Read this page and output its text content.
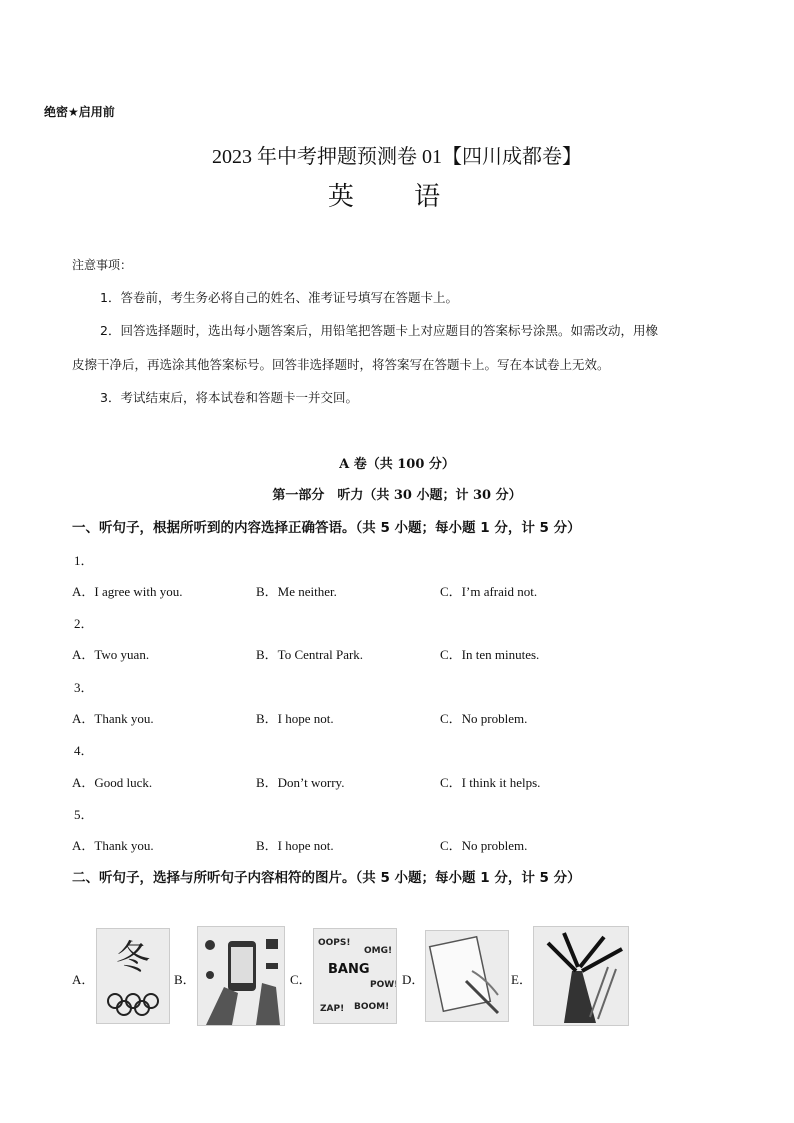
绝密★启用前
2023 年中考押题预测卷 01【四川成都卷】
英 语
注意事项：
1．答卷前，考生务必将自己的姓名、准考证号填写在答题卡上。
2．回答选择题时，选出每小题答案后，用铅笔把答题卡上对应题目的答案标号涂黑。如需改动，用橡
皮擦干净后，再选涂其他答案标号。回答非选择题时，将答案写在答题卡上。写在本试卷上无效。
3．考试结束后，将本试卷和答题卡一并交回。
A 卷（共 100 分）
第一部分　听力（共 30 小题；计 30 分）
一、听句子，根据所听到的内容选择正确答语。（共 5 小题；每小题 1 分，计 5 分）
1．
A．I agree with you.	B．Me neither.	C．I’m afraid not.
2．
A．Two yuan.	B．To Central Park.	C．In ten minutes.
3．
A．Thank you.	B．I hope not.	C．No problem.
4．
A．Good luck.	B．Don’t worry.	C．I think it helps.
5．
A．Thank you.	B．I hope not.	C．No problem.
二、听句子，选择与所听句子内容相符的图片。（共 5 小题；每小题 1 分，计 5 分）
A．
冬
B．	C．
OOPS!
OMG!
BANG
POW!
ZAP! BOOM!
D．	E．
